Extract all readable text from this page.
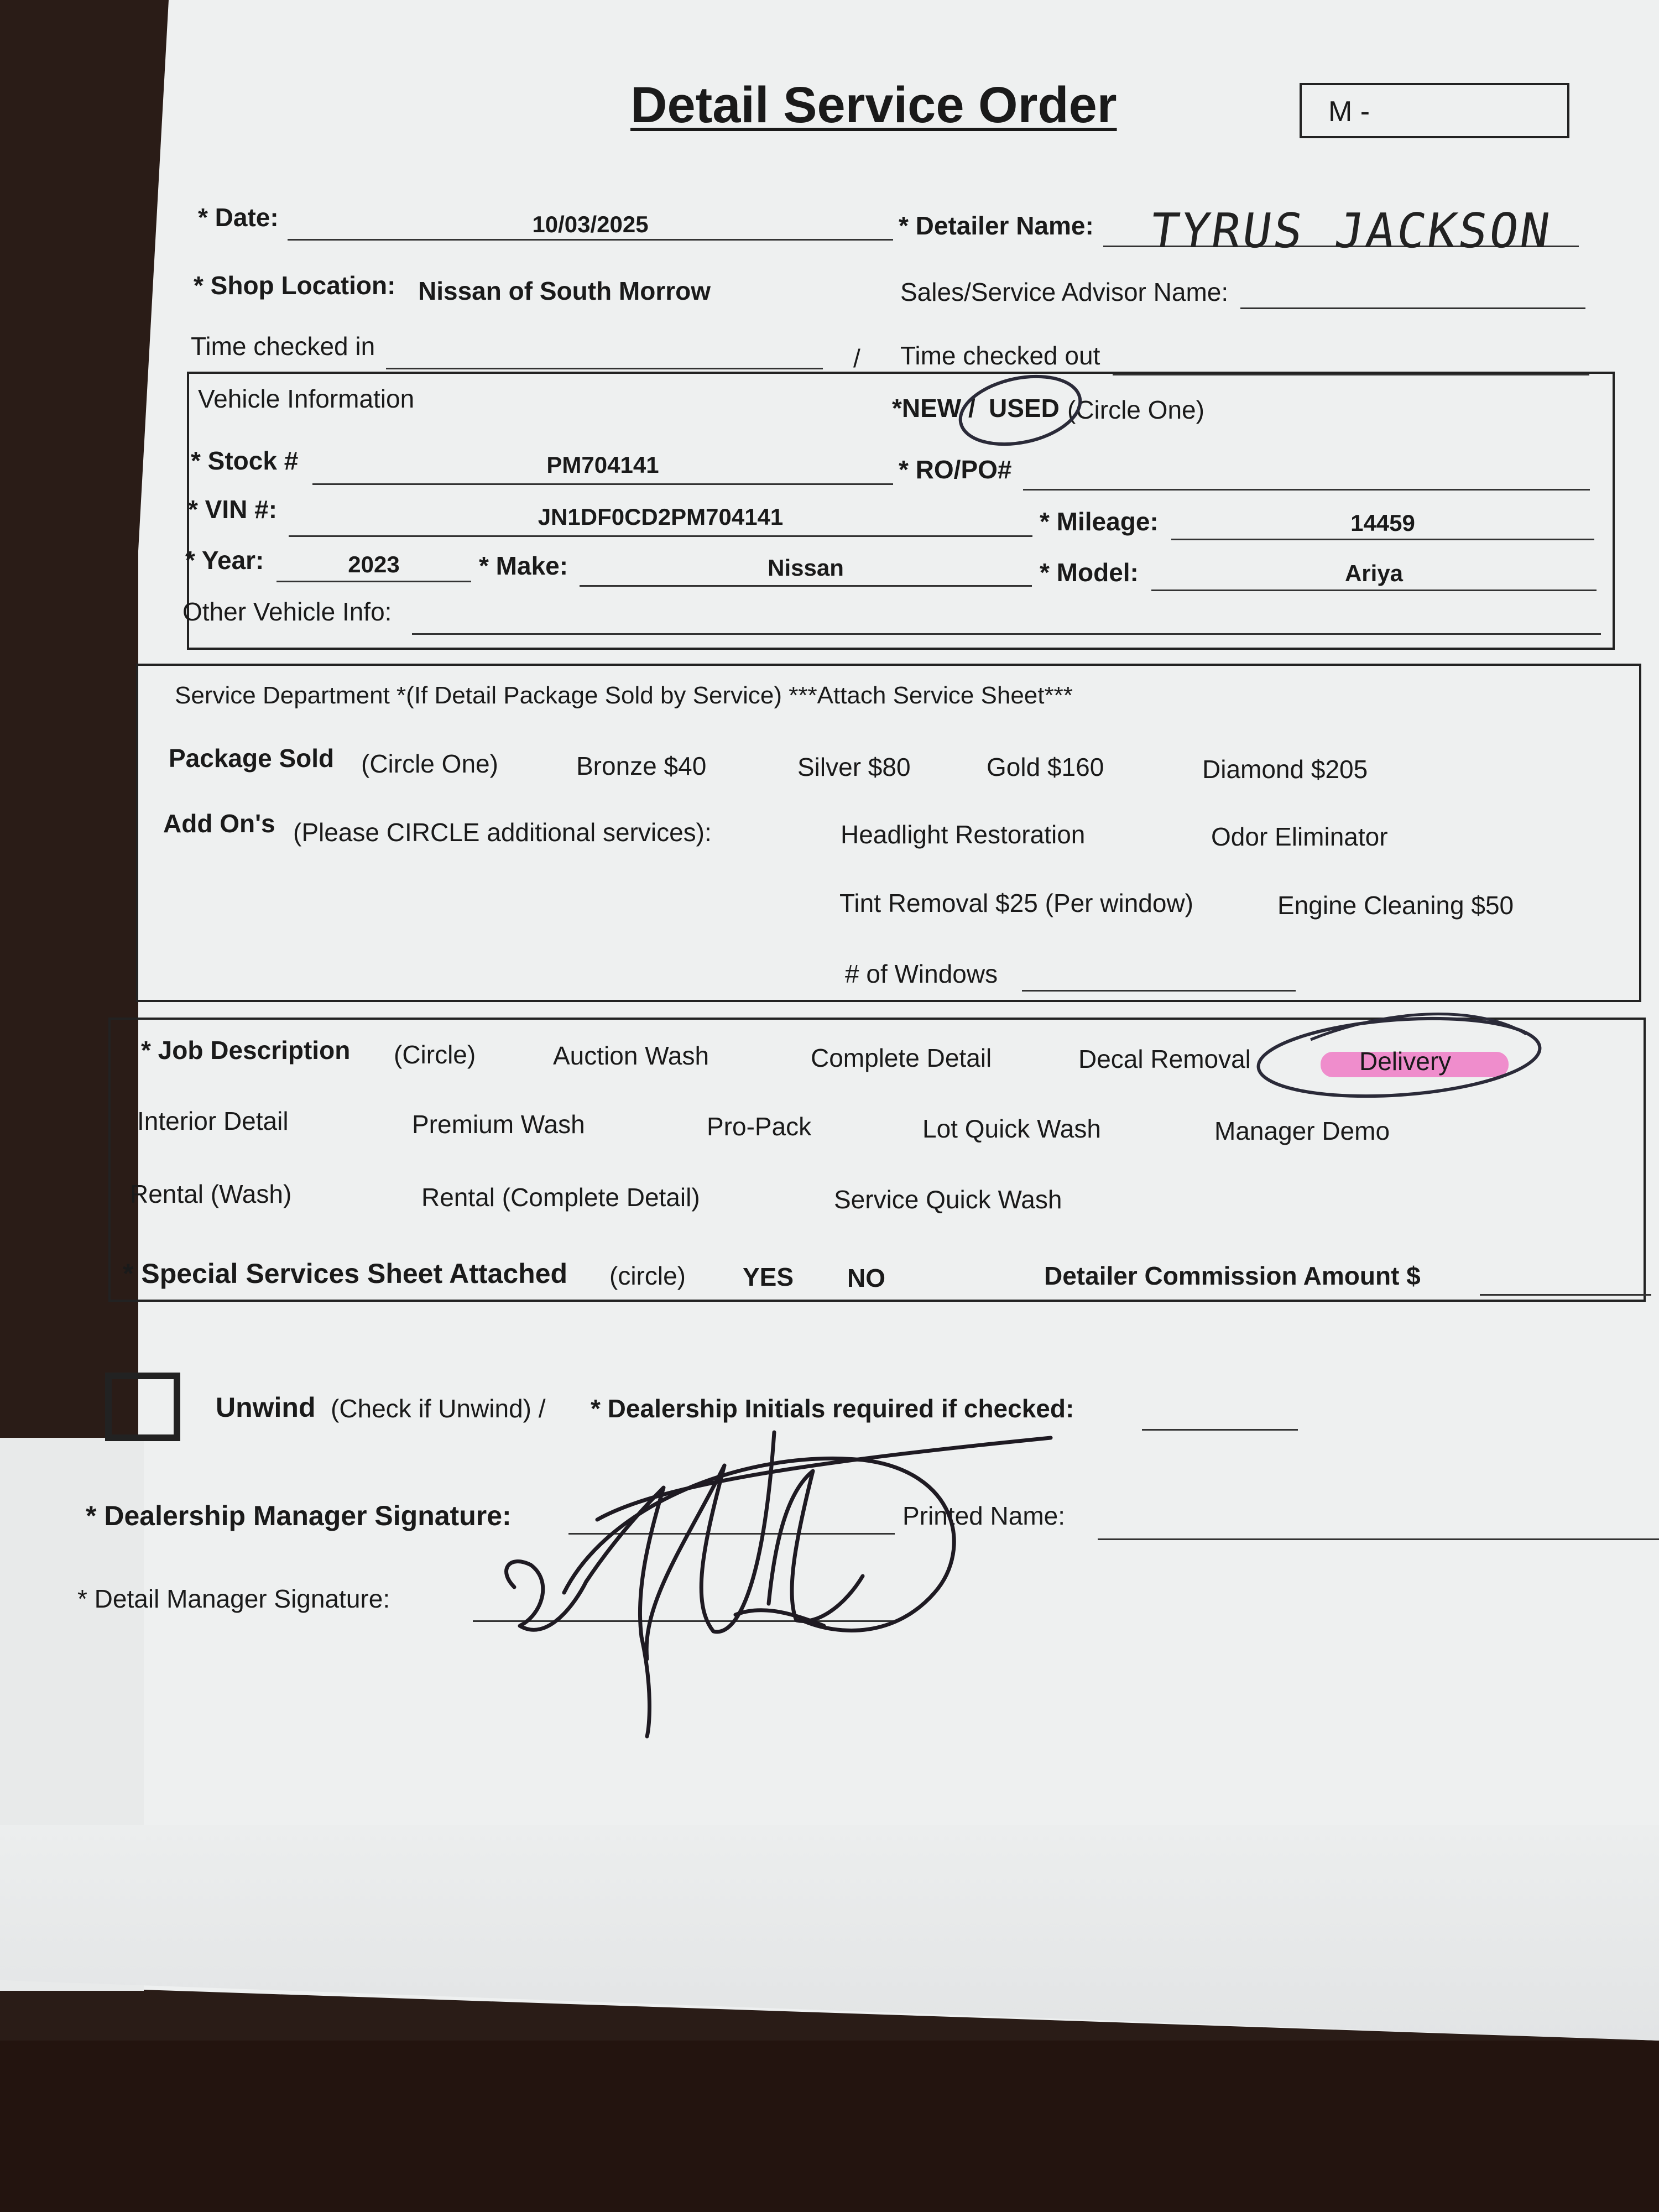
Detail Service Order	M -
* Date:	10/03/2025	* Detailer Name: TYRUS JACKSON
* Shop Location: Nissan of South Morrow	Sales/Service Advisor Name:
Time checked in	/ Time checked out
Vehicle Information	*NEW / USED (Circle One)
* Stock #	PM704141	* RO/PO#
* VIN #:	JN1DF0CD2PM704141	* Mileage:	14459
* Year:	2023	* Make:	Nissan	* Model:	Ariya
Other Vehicle Info:
Service Department *(If Detail Package Sold by Service) ***Attach Service Sheet***
Package Sold (Circle One)	Bronze $40	Silver $80	Gold $160	Diamond $205
Add On's (Please CIRCLE additional services):	Headlight Restoration	Odor Eliminator
Tint Removal $25 (Per window)	Engine Cleaning $50
# of Windows
* Job Description (Circle)	Auction Wash	Complete Detail	Decal Removal	Delivery
Interior Detail	Premium Wash	Pro-Pack	Lot Quick Wash	Manager Demo
Rental (Wash)	Rental (Complete Detail)	Service Quick Wash
* Special Services Sheet Attached (circle) YES NO	Detailer Commission Amount $
Unwind (Check if Unwind) / * Dealership Initials required if checked:
* Dealership Manager Signature:	Printed Name:
* Detail Manager Signature:
